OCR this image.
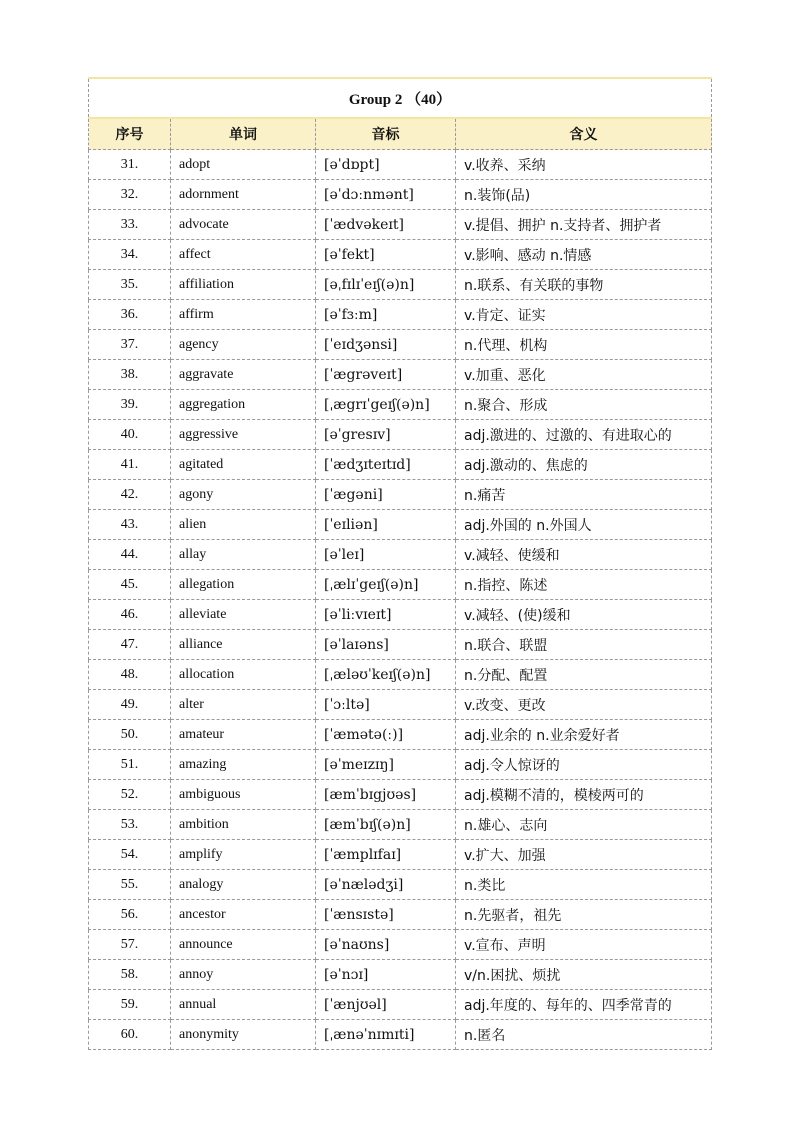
Group 2 （40）			
序号	单词	音标	含义
31.	adopt	[əˈdɒpt]	v.收养、采纳
32.	adornment	[əˈdɔːnmənt]	n.装饰(品)
33.	advocate	[ˈædvəkeɪt]	v.提倡、拥护 n.支持者、拥护者
34.	affect	[əˈfekt]	v.影响、感动 n.情感
35.	affiliation	[əˌfɪlɪˈeɪʃ(ə)n]	n.联系、有关联的事物
36.	affirm	[əˈfɜːm]	v.肯定、证实
37.	agency	[ˈeɪdʒənsi]	n.代理、机构
38.	aggravate	[ˈægrəveɪt]	v.加重、恶化
39.	aggregation	[ˌægrɪˈgeɪʃ(ə)n]	n.聚合、形成
40.	aggressive	[əˈgresɪv]	adj.激进的、过激的、有进取心的
41.	agitated	[ˈædʒɪteɪtɪd]	adj.激动的、焦虑的
42.	agony	[ˈægəni]	n.痛苦
43.	alien	[ˈeɪliən]	adj.外国的 n.外国人
44.	allay	[əˈleɪ]	v.减轻、使缓和
45.	allegation	[ˌælɪˈgeɪʃ(ə)n]	n.指控、陈述
46.	alleviate	[əˈliːvɪeɪt]	v.减轻、(使)缓和
47.	alliance	[əˈlaɪəns]	n.联合、联盟
48.	allocation	[ˌæləʊˈkeɪʃ(ə)n]	n.分配、配置
49.	alter	[ˈɔːltə]	v.改变、更改
50.	amateur	[ˈæmətə(ː)]	adj.业余的 n.业余爱好者
51.	amazing	[əˈmeɪzɪŋ]	adj.令人惊讶的
52.	ambiguous	[æmˈbɪgjʊəs]	adj.模糊不清的，模棱两可的
53.	ambition	[æmˈbɪʃ(ə)n]	n.雄心、志向
54.	amplify	[ˈæmplɪfaɪ]	v.扩大、加强
55.	analogy	[əˈnælədʒi]	n.类比
56.	ancestor	[ˈænsɪstə]	n.先驱者，祖先
57.	announce	[əˈnaʊns]	v.宣布、声明
58.	annoy	[əˈnɔɪ]	v/n.困扰、烦扰
59.	annual	[ˈænjʊəl]	adj.年度的、每年的、四季常青的
60.	anonymity	[ˌænəˈnɪmɪti]	n.匿名
